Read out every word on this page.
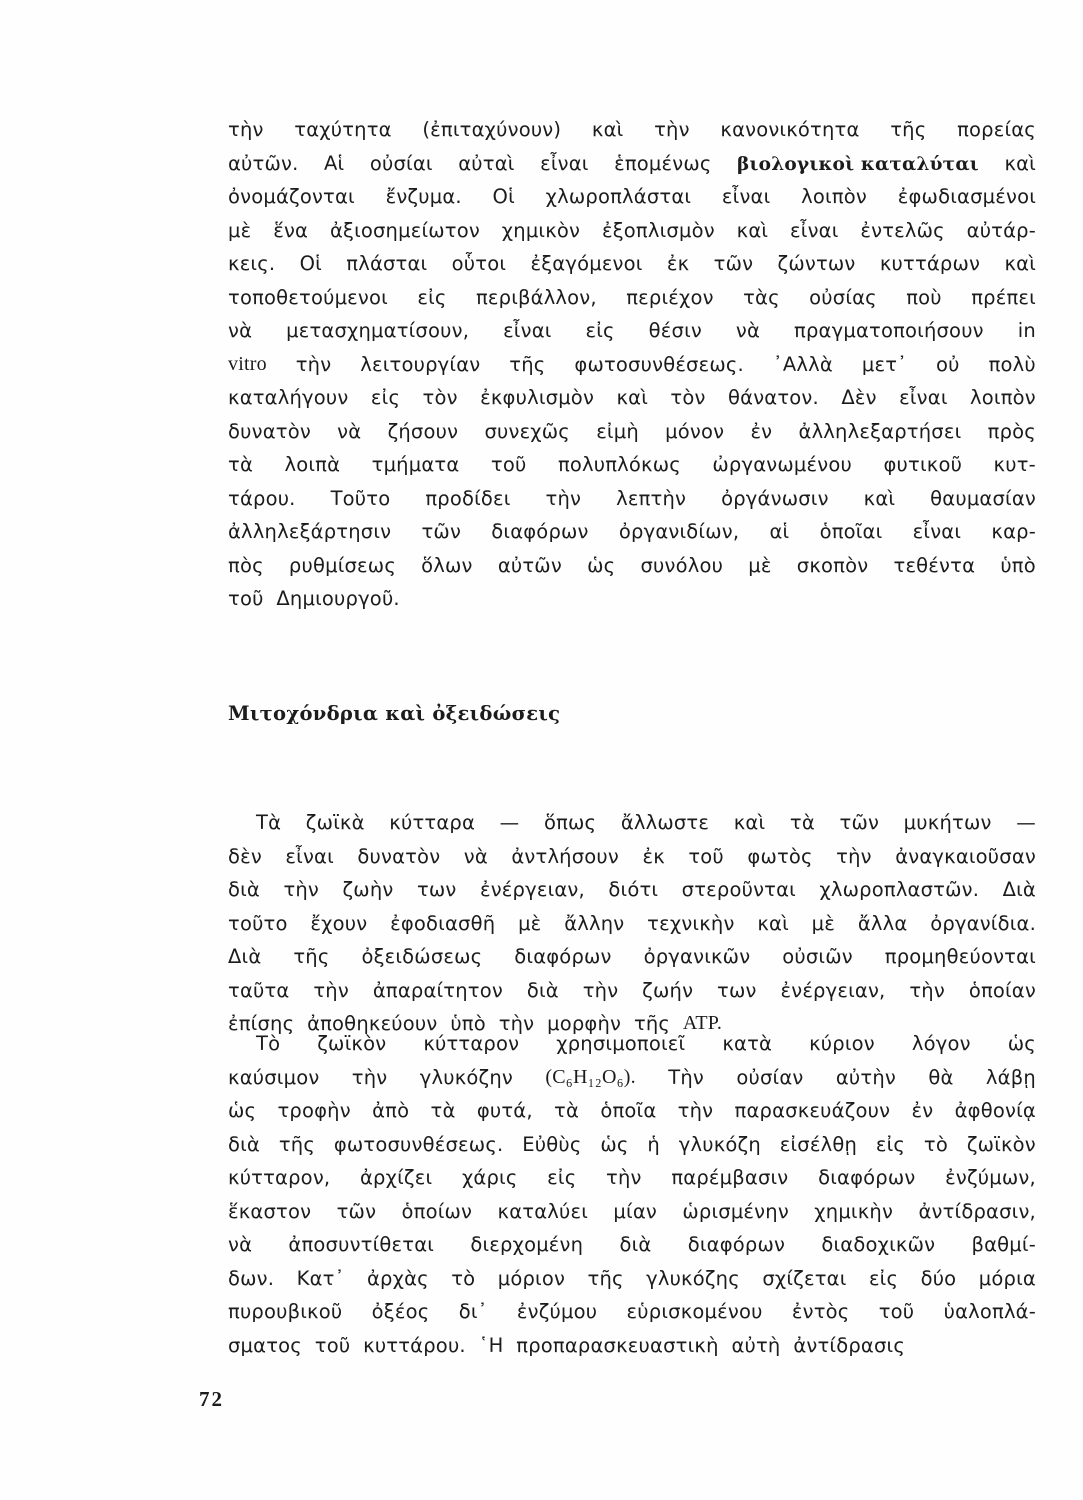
τὴν ταχύτητα (ἐπιταχύνουν) καὶ τὴν κανονικότητα τῆς πορείας
αὐτῶν. Αἱ οὐσίαι αὐταὶ εἶναι ἑπομένως βιολογικοὶ καταλύται καὶ
ὀνομάζονται ἔνζυμα. Οἱ χλωροπλάσται εἶναι λοιπὸν ἐφωδιασμένοι
μὲ ἕνα ἀξιοσημείωτον χημικὸν ἐξοπλισμὸν καὶ εἶναι ἐντελῶς αὐτάρ-
κεις. Οἱ πλάσται οὗτοι ἐξαγόμενοι ἐκ τῶν ζώντων κυττάρων καὶ
τοποθετούμενοι εἰς περιβάλλον, περιέχον τὰς οὐσίας ποὺ πρέπει
νὰ μετασχηματίσουν, εἶναι εἰς θέσιν νὰ πραγματοποιήσουν in
vitro τὴν λειτουργίαν τῆς φωτοσυνθέσεως. ᾿Αλλὰ μετ᾿ οὐ πολὺ
καταλήγουν εἰς τὸν ἐκφυλισμὸν καὶ τὸν θάνατον. Δὲν εἶναι λοιπὸν
δυνατὸν νὰ ζήσουν συνεχῶς εἰμὴ μόνον ἐν ἀλληλεξαρτήσει πρὸς
τὰ λοιπὰ τμήματα τοῦ πολυπλόκως ὠργανωμένου φυτικοῦ κυτ-
τάρου. Τοῦτο προδίδει τὴν λεπτὴν ὀργάνωσιν καὶ θαυμασίαν
ἀλληλεξάρτησιν τῶν διαφόρων ὀργανιδίων, αἱ ὁποῖαι εἶναι καρ-
πὸς ρυθμίσεως ὅλων αὐτῶν ὡς συνόλου μὲ σκοπὸν τεθέντα ὑπὸ
τοῦ
Δημιουργοῦ.
Μιτοχόνδρια καὶ ὀξειδώσεις
Τὰ ζωϊκὰ κύτταρα — ὅπως ἄλλωστε καὶ τὰ τῶν μυκήτων —
δὲν εἶναι δυνατὸν νὰ ἀντλήσουν ἐκ τοῦ φωτὸς τὴν ἀναγκαιοῦσαν
διὰ τὴν ζωὴν των ἐνέργειαν, διότι στεροῦνται χλωροπλαστῶν. Διὰ
τοῦτο ἔχουν ἐφοδιασθῆ μὲ ἄλλην τεχνικὴν καὶ μὲ ἄλλα ὀργανίδια.
Διὰ τῆς ὀξειδώσεως διαφόρων ὀργανικῶν οὐσιῶν προμηθεύονται
ταῦτα τὴν ἀπαραίτητον διὰ τὴν ζωήν των ἐνέργειαν, τὴν ὁποίαν
ἐπίσης
ἀποθηκεύουν
ὑπὸ
τὴν
μορφὴν
τῆς
ATP.
Τὸ ζωϊκὸν κύτταρον χρησιμοποιεῖ κατὰ κύριον λόγον ὡς
καύσιμον τὴν γλυκόζην (C₆H₁₂O₆). Τὴν οὐσίαν αὐτὴν θὰ λάβῃ
ὡς τροφὴν ἀπὸ τὰ φυτά, τὰ ὁποῖα τὴν παρασκευάζουν ἐν ἀφθονίᾳ
διὰ τῆς φωτοσυνθέσεως. Εὐθὺς ὡς ἡ γλυκόζη εἰσέλθῃ εἰς τὸ ζωϊκὸν
κύτταρον, ἀρχίζει χάρις εἰς τὴν παρέμβασιν διαφόρων ἐνζύμων,
ἕκαστον τῶν ὁποίων καταλύει μίαν ὡρισμένην χημικὴν ἀντίδρασιν,
νὰ ἀποσυντίθεται διερχομένη διὰ διαφόρων διαδοχικῶν βαθμί-
δων. Κατ᾿ ἀρχὰς τὸ μόριον τῆς γλυκόζης σχίζεται εἰς δύο μόρια
πυρουβικοῦ ὀξέος δι᾿ ἐνζύμου εὑρισκομένου ἐντὸς τοῦ ὑαλοπλά-
σματος
τοῦ
κυττάρου.
῾Η
προπαρασκευαστικὴ
αὐτὴ
ἀντίδρασις
72
